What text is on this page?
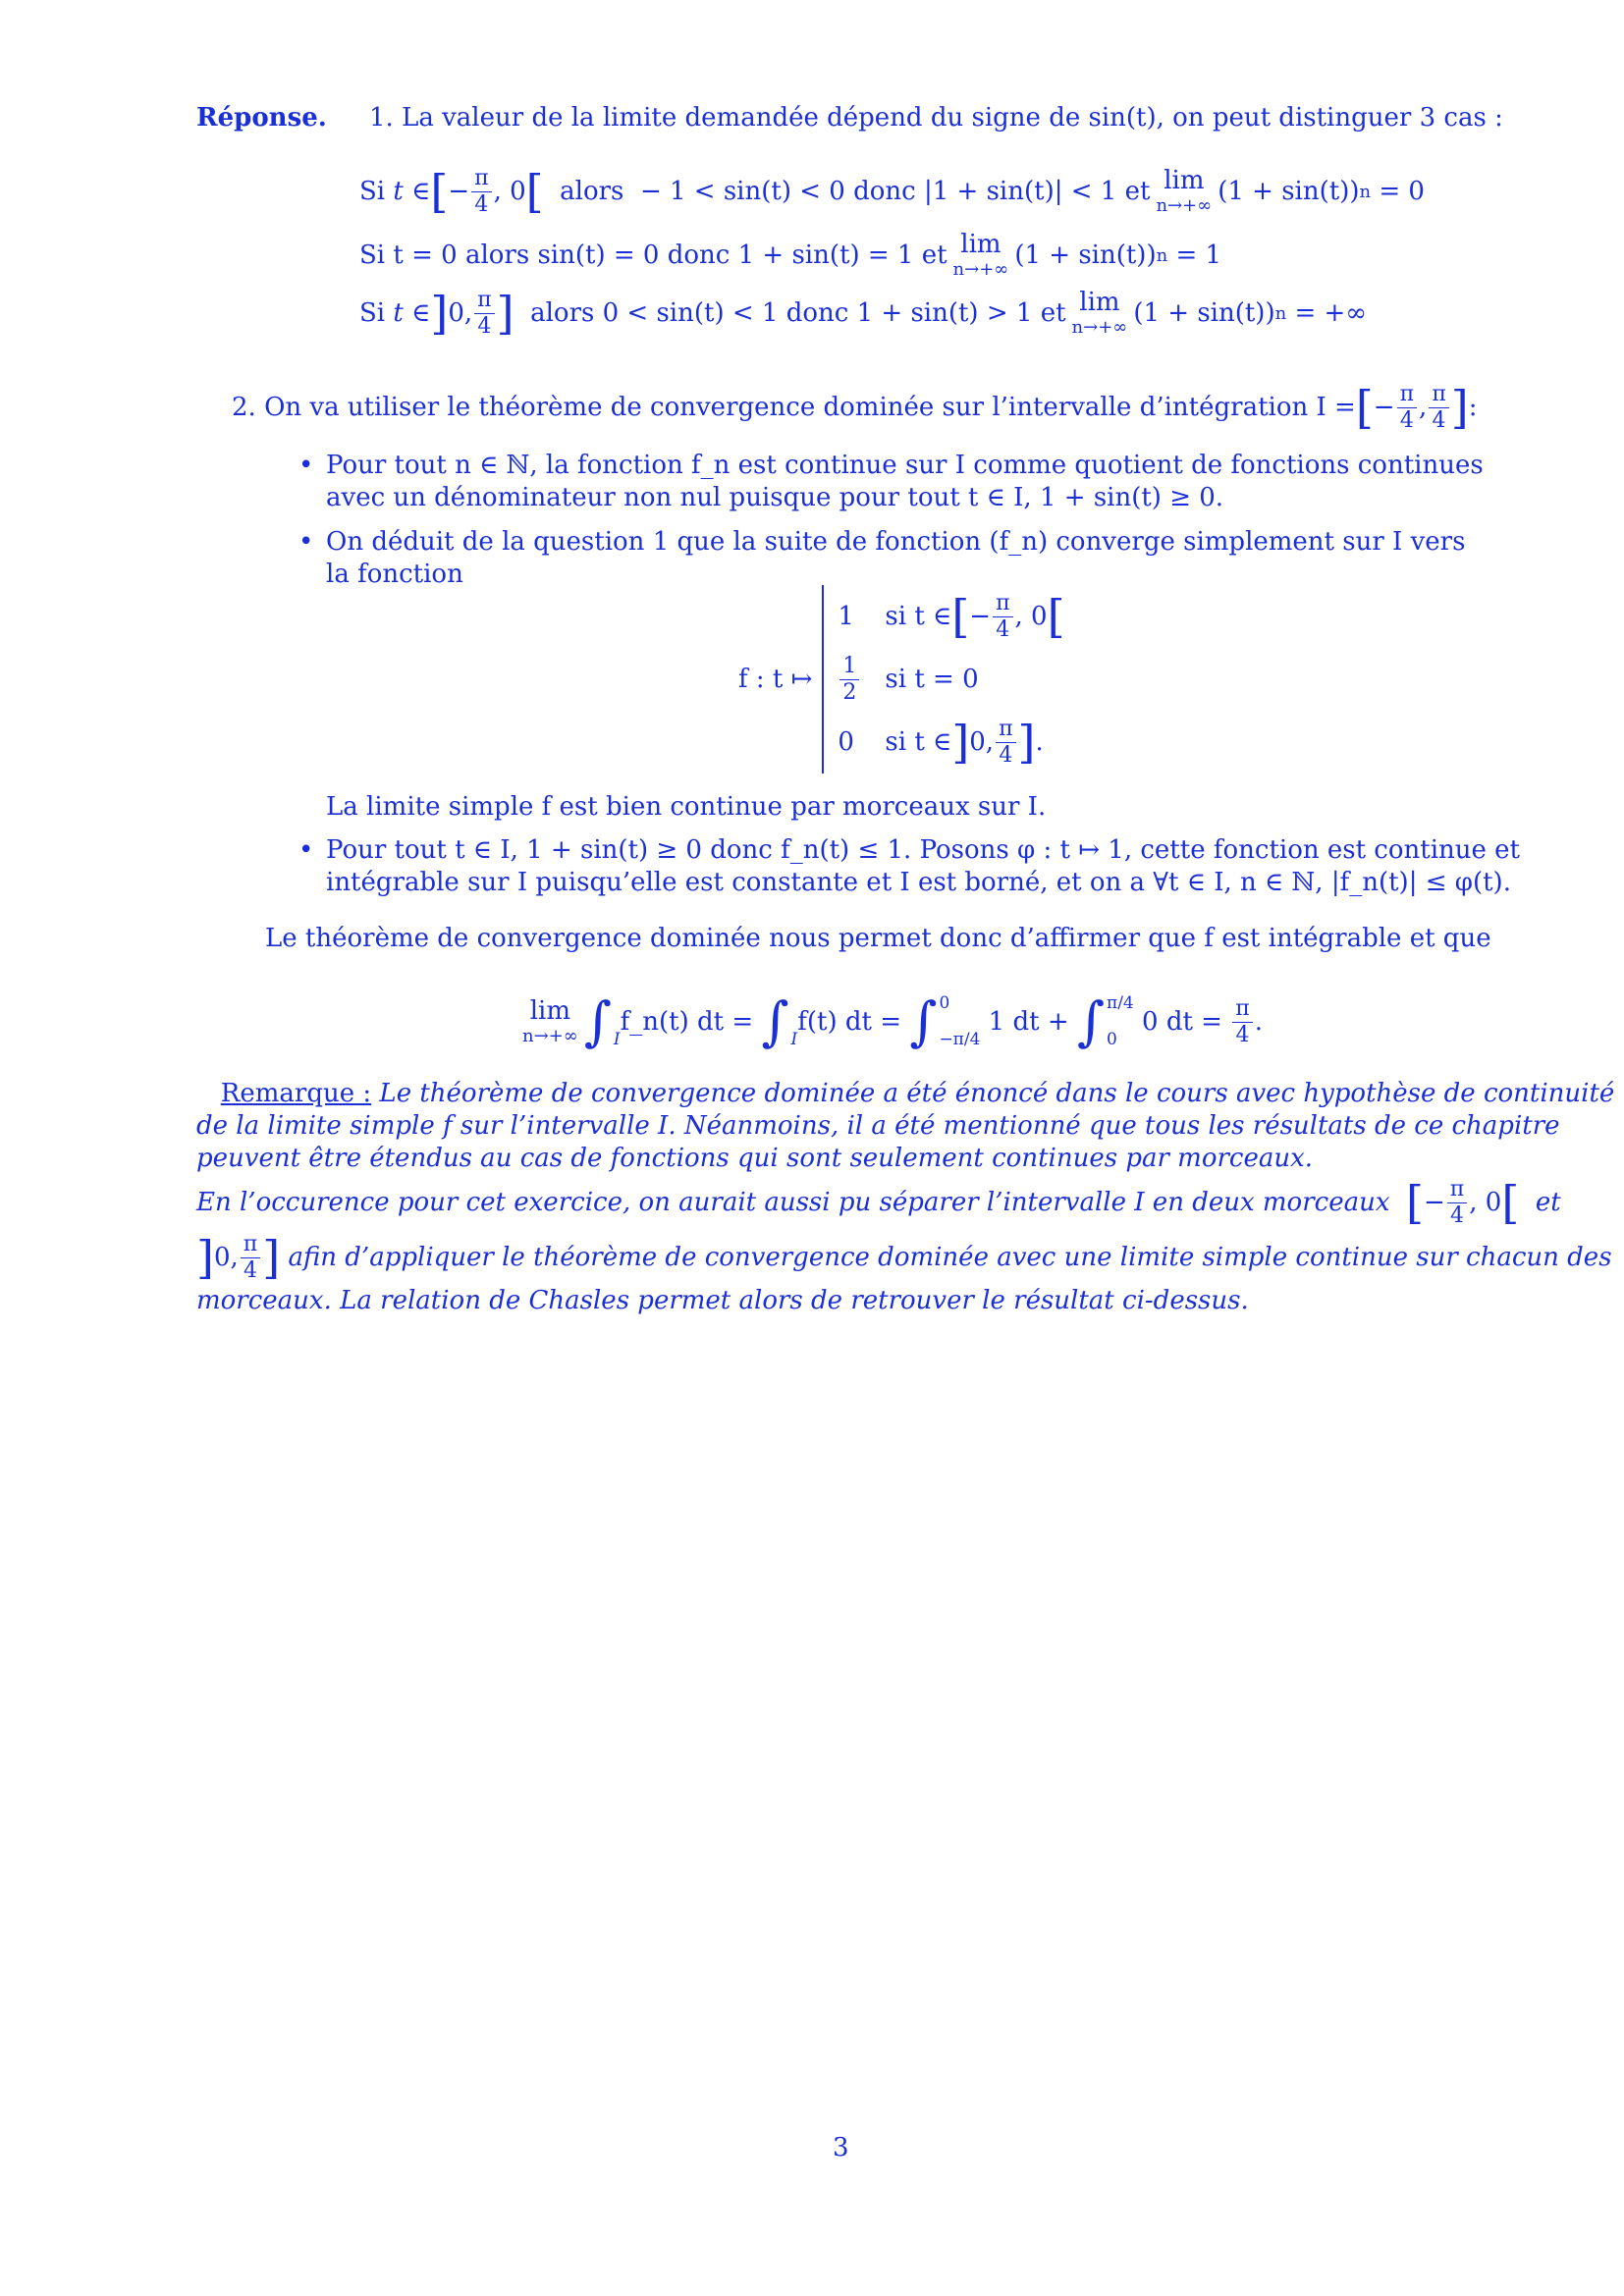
Réponse. 1. La valeur de la limite demandée dépend du signe de sin(t), on peut distinguer 3 cas :
Si
t ∈ [ − $\frac{\pi}{4}$ , 0 [
alors
− 1 < sin(t) < 0 donc |1 + sin(t)| < 1 et lim
n→+∞ (1 + sin(t)) n
= 0
Si t = 0 alors sin(t) = 0 donc 1 + sin(t) = 1 et lim
n→+∞ (1 + sin(t)) n
= 1
Si
t ∈ ] 0, $\frac{\pi}{4}$ ]
alors 0 < sin(t) < 1 donc 1 + sin(t) > 1 et lim
n→+∞ (1 + sin(t)) n
= +∞
2.
On va utiliser le théorème de convergence dominée sur l’intervalle d’intégration I = [ − $\frac{\pi}{4}$ , $\frac{\pi}{4}$ ] :
• Pour tout n ∈ ℕ, la fonction f_n est continue sur I comme quotient de fonctions continues avec un dénominateur non nul puisque pour tout t ∈ I, 1 + sin(t) ≥ 0.
• On déduit de la question 1 que la suite de fonction (f_n) converge simplement sur I vers la fonction
f : t ↦
1	si t ∈ [ − $\frac{\pi}{4}$ , 0 [
$\frac{1}{2}$ si t = 0
0	si t ∈ ] 0, $\frac{\pi}{4}$ ] .
La limite simple f est bien continue par morceaux sur I.
• Pour tout t ∈ I, 1 + sin(t) ≥ 0 donc f_n(t) ≤ 1. Posons φ : t ↦ 1, cette fonction est continue et
intégrable sur I puisqu’elle est constante et I est borné, et on a ∀t ∈ I, n ∈ ℕ, |f_n(t)| ≤ φ(t).
Le théorème de convergence dominée nous permet donc d’affirmer que f est intégrable et que
lim
n→+∞ ∫ I
f_n(t) dt =
∫ I
f(t) dt =
∫ 0
−π/4

1 dt +
∫ π/4
0

0 dt =
$\frac{\pi}{4}$ .
Remarque : Le théorème de convergence dominée a été énoncé dans le cours avec hypothèse de continuité
de la limite simple f sur l’intervalle I. Néanmoins, il a été mentionné que tous les résultats de ce chapitre
peuvent être étendus au cas de fonctions qui sont seulement continues par morceaux.
En l’occurence pour cet exercice, on aurait aussi pu séparer l’intervalle I en deux morceaux
[ − $\frac{\pi}{4}$ , 0 [
et
] 0, $\frac{\pi}{4}$ ]
afin d’appliquer le théorème de convergence dominée avec une limite simple continue sur chacun des
morceaux. La relation de Chasles permet alors de retrouver le résultat ci-dessus.
3
